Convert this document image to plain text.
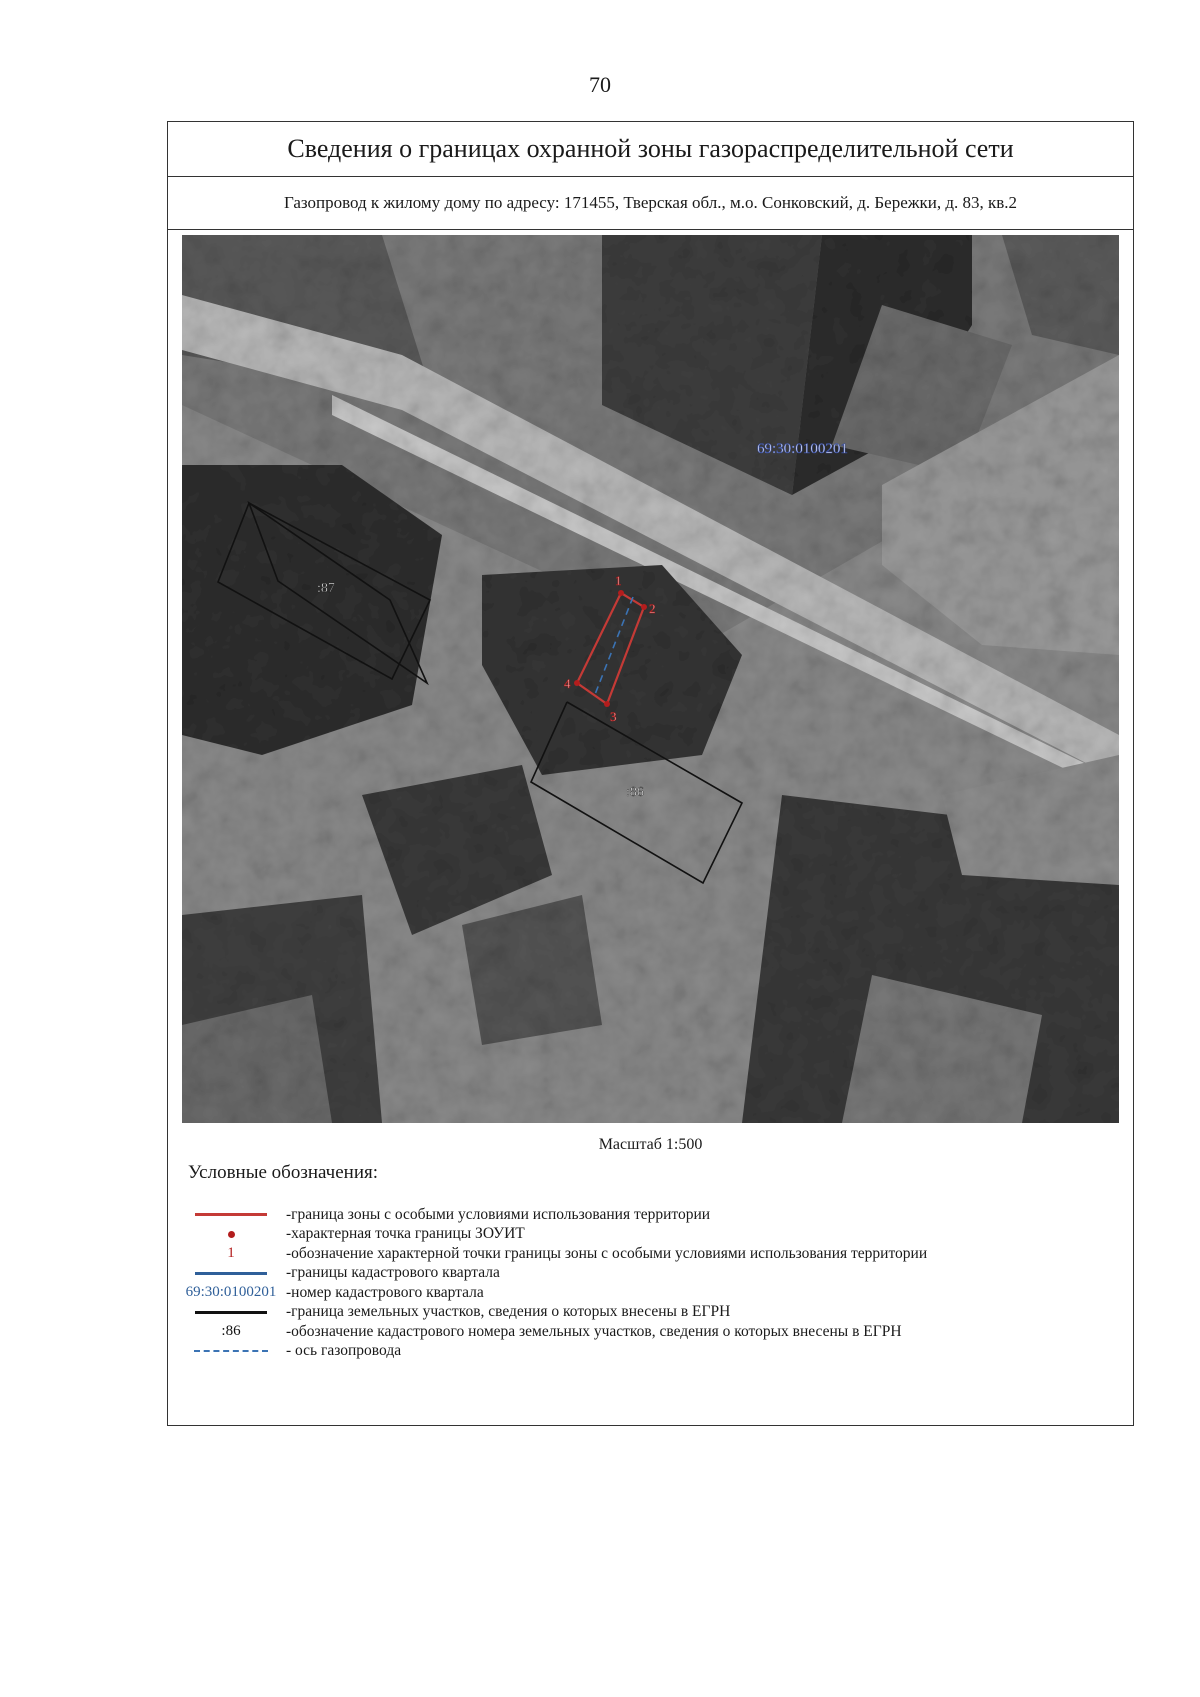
70
Сведения о границах охранной зоны газораспределительной сети
Газопровод к жилому дому по адресу: 171455, Тверская обл., м.о. Сонковский, д. Бережки, д. 83, кв.2
69:30:0100201
:87
:86
1
2
3
4
Масштаб 1:500
Условные обозначения:
-граница зоны с особыми условиями использования территории
-характерная точка границы ЗОУИТ
1	-обозначение характерной точки границы зоны с особыми условиями использования территории
-границы кадастрового квартала
69:30:0100201 -номер кадастрового квартала
-граница земельных участков, сведения о которых внесены в ЕГРН
:86	-обозначение кадастрового номера земельных участков, сведения о которых внесены в ЕГРН
- ось газопровода
